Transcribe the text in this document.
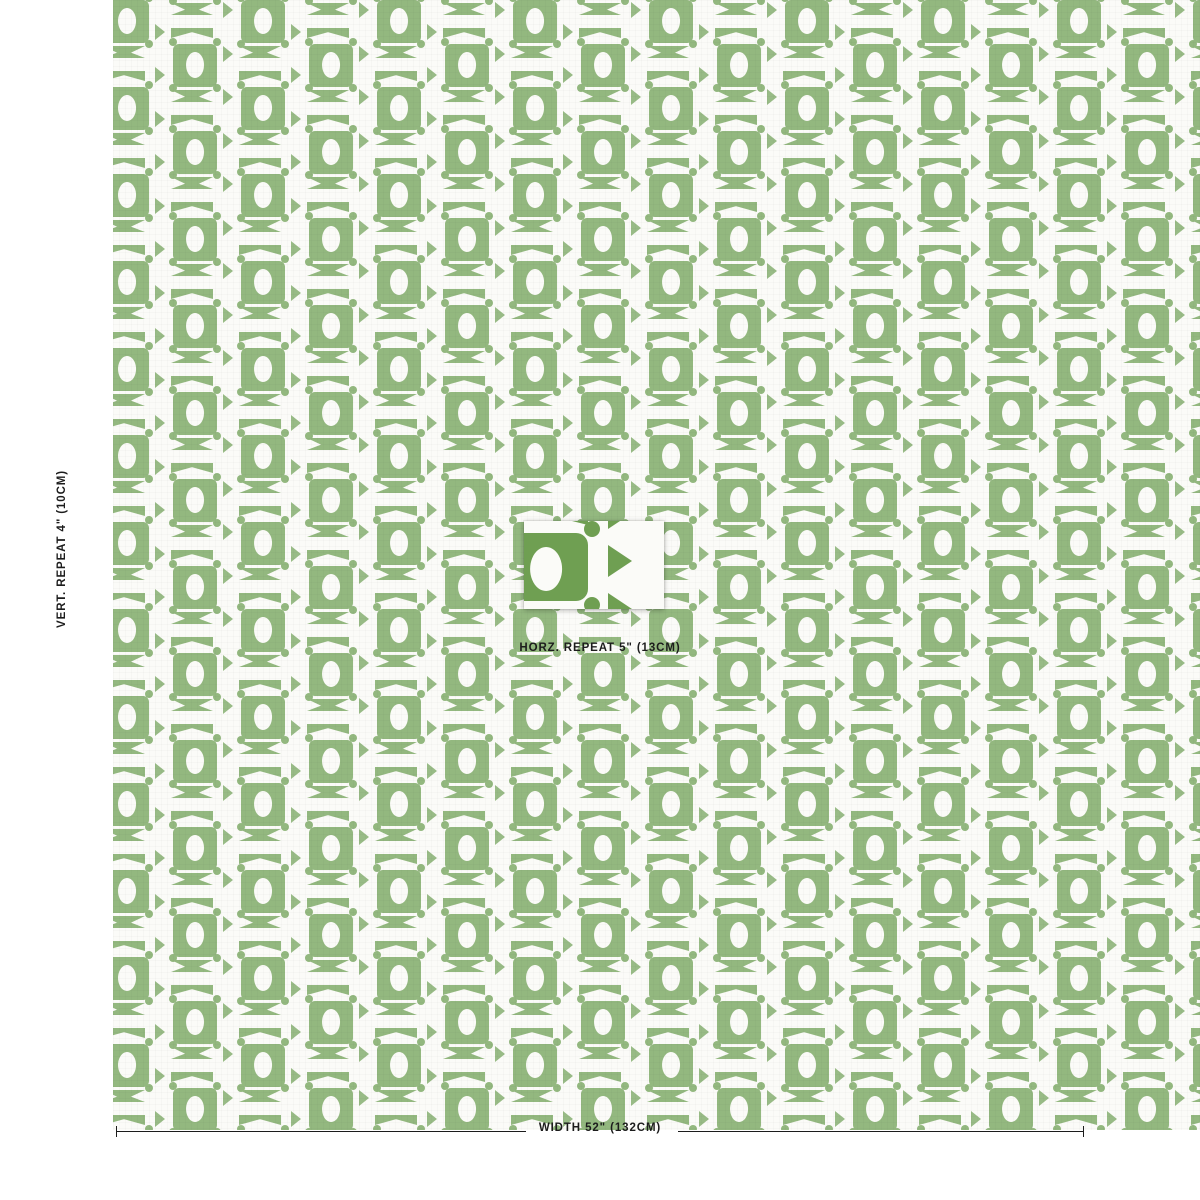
VERT. REPEAT 4" (10CM)
HORZ. REPEAT 5" (13CM)
WIDTH 52" (132CM)
